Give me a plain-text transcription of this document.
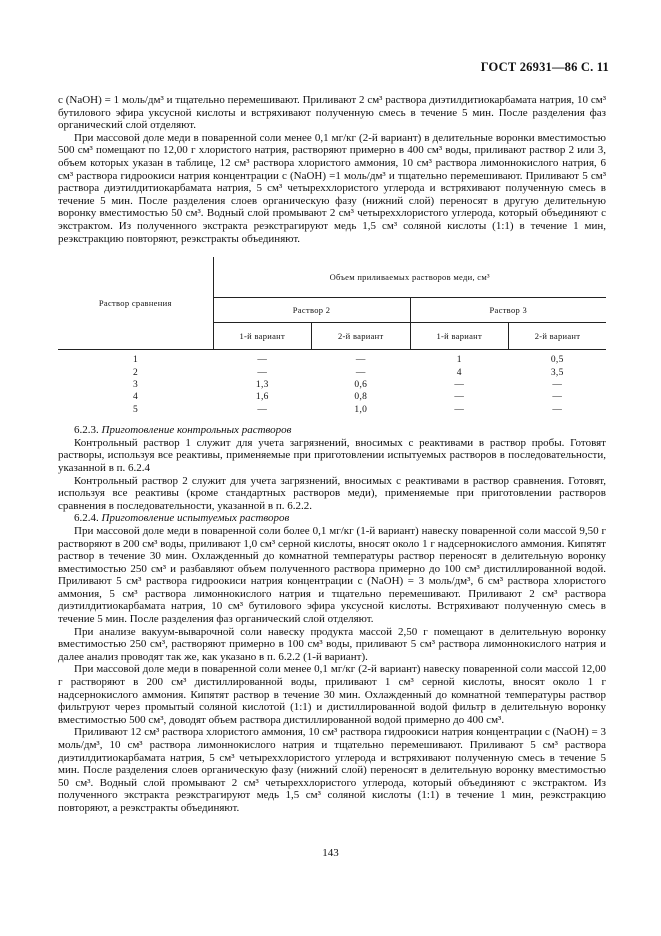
ГОСТ 26931—86 С. 11

c (NaOH) = 1 моль/дм³ и тщательно перемешивают. Приливают 2 см³ раствора диэтилдитиокарбамата натрия, 10 см³ бутилового эфира уксусной кислоты и встряхивают полученную смесь в течение 5 мин. После разделения фаз органический слой отделяют.

При массовой доле меди в поваренной соли менее 0,1 мг/кг (2-й вариант) в делительные воронки вместимостью 500 см³ помещают по 12,00 г хлористого натрия, растворяют примерно в 400 см³ воды, приливают раствор 2 или 3, объем которых указан в таблице, 12 см³ раствора хлористого аммония, 10 см³ раствора лимоннокислого натрия, 6 см³ раствора гидроокиси натрия концентрации c (NaOH) =1 моль/дм³ и тщательно перемешивают. Приливают 5 см³ раствора диэтилдитиокарбамата натрия, 5 см³ четыреххлористого углерода и встряхивают полученную смесь в течение 5 мин. После разделения слоев органическую фазу (нижний слой) переносят в другую делительную воронку вместимостью 50 см³. Водный слой промывают 2 см³ четыреххлористого углерода, который объединяют с экстрактом. Из полученного экстракта реэкстрагируют медь 1,5 см³ соляной кислоты (1:1) в течение 1 мин, реэкстракцию повторяют, реэкстракты объединяют.

Раствор сравнения	Объем приливаемых растворов меди, см³			
	Раствор 2		Раствор 3	
	1-й вариант	2-й вариант	1-й вариант	2-й вариант
1	—	—	1	0,5
2	—	—	4	3,5
3	1,3	0,6	—	—
4	1,6	0,8	—	—
5	—	1,0	—	—

6.2.3. Приготовление контрольных растворов

Контрольный раствор 1 служит для учета загрязнений, вносимых с реактивами в раствор пробы. Готовят растворы, используя все реактивы, применяемые при приготовлении испытуемых растворов в последовательности, указанной в п. 6.2.4

Контрольный раствор 2 служит для учета загрязнений, вносимых с реактивами в раствор сравнения. Готовят, используя все реактивы (кроме стандартных растворов меди), применяемые при приготовлении растворов сравнения в последовательности, указанной в п. 6.2.2.

6.2.4. Приготовление испытуемых растворов

При массовой доле меди в поваренной соли более 0,1 мг/кг (1-й вариант) навеску поваренной соли массой 9,50 г растворяют в 200 см³ воды, приливают 1,0 см³ серной кислоты, вносят около 1 г надсернокислого аммония. Кипятят раствор в течение 30 мин. Охлажденный до комнатной температуры раствор переносят в делительную воронку вместимостью 250 см³ и разбавляют объем полученного раствора примерно до 100 см³ дистиллированной водой. Приливают 5 см³ раствора гидроокиси натрия концентрации c (NaOH) = 3 моль/дм³, 6 см³ раствора хлористого аммония, 5 см³ раствора лимоннокислого натрия и тщательно перемешивают. Приливают 2 см³ раствора диэтилдитиокарбамата натрия, 10 см³ бутилового эфира уксусной кислоты. Встряхивают полученную смесь в течение 5 мин. После разделения фаз органический слой отделяют.

При анализе вакуум-выварочной соли навеску продукта массой 2,50 г помещают в делительную воронку вместимостью 250 см³, растворяют примерно в 100 см³ воды, приливают 5 см³ раствора лимоннокислого натрия и далее анализ проводят так же, как указано в п. 6.2.2 (1-й вариант).

При массовой доле меди в поваренной соли менее 0,1 мг/кг (2-й вариант) навеску поваренной соли массой 12,00 г растворяют в 200 см³ дистиллированной воды, приливают 1 см³ серной кислоты, вносят около 1 г надсернокислого аммония. Кипятят раствор в течение 30 мин. Охлажденный до комнатной температуры раствор фильтруют через промытый соляной кислотой (1:1) и дистиллированной водой фильтр в делительную воронку вместимостью 500 см³, доводят объем раствора дистиллированной водой примерно до 400 см³.

Приливают 12 см³ раствора хлористого аммония, 10 см³ раствора гидроокиси натрия концентрации c (NaOH) = 3 моль/дм³, 10 см³ раствора лимоннокислого натрия и тщательно перемешивают. Приливают 5 см³ раствора диэтилдитиокарбамата натрия, 5 см³ четыреххлористого углерода и встряхивают полученную смесь в течение 5 мин. После разделения слоев органическую фазу (нижний слой) переносят в делительную воронку вместимостью 50 см³. Водный слой промывают 2 см³ четыреххлористого углерода, который объединяют с экстрактом. Из полученного экстракта реэкстрагируют медь 1,5 см³ соляной кислоты (1:1) в течение 1 мин, реэкстракцию повторяют, а реэкстракты объединяют.

143
